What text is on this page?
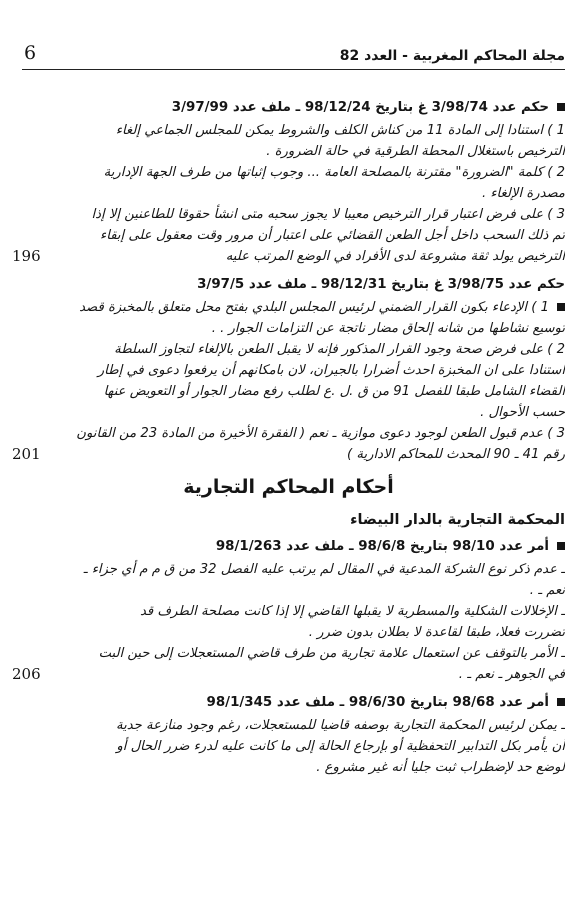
6	مجلة المحاكم المغربية - العدد 82
حكم عدد 3/98/74 غ بتاريخ 98/12/24 ـ ملف عدد 3/97/99
1 ) استنادا إلى المادة 11 من كناش الكلف والشروط يمكن للمجلس الجماعي إلغاء
الترخيص باستغلال المحطة الطرقية في حالة الضرورة .
2 ) كلمة "الضرورة" مقترنة بالمصلحة العامة ... وجوب إثباتها من طرف الجهة الإدارية
مصدرة الإلغاء .
3 ) على فرض اعتبار قرار الترخيص معيبا لا يجوز سحبه متى انشأ حقوقا للطاعنين إلا إذا
تم ذلك السحب داخل أجل الطعن القضائي على اعتبار أن مرور وقت معقول على إبقاء
الترخيص يولد ثقة مشروعة لدى الأفراد في الوضع المرتب عليه
196
حكم عدد 3/98/75 غ بتاريخ 98/12/31 ـ ملف عدد 3/97/5
1 ) الإدعاء بكون القرار الضمني لرئيس المجلس البلدي بفتح محل متعلق بالمخبزة قصد
توسيع نشاطها من شانه إلحاق مضار ناتجة عن التزامات الجوار . .
2 ) على فرض صحة وجود القرار المذكور فإنه لا يقبل الطعن بالإلغاء لتجاوز السلطة
استنادا على ان المخبزة احدث أضرارا بالجيران، لان بامكانهم أن يرفعوا دعوى في إطار
القضاء الشامل طبقا للفصل 91 من ق .ل .ع لطلب رفع مضار الجوار أو التعويض عنها
حسب الأحوال .
3 ) عدم قبول الطعن لوجود دعوى موازية ـ نعم ( الفقرة الأخيرة من المادة 23 من القانون
رقم 41 ـ 90 المحدث للمحاكم الادارية )
201
أحكام المحاكم التجارية
المحكمة التجارية بالدار البيضاء
أمر عدد 98/10 بتاريخ 98/6/8 ـ ملف عدد 98/1/263
ـ عدم ذكر نوع الشركة المدعية في المقال لم يرتب عليه الفصل 32 من ق م م أي جزاء ـ
نعم ـ .
ـ الإخلالات الشكلية والمسطرية لا يقبلها القاضي إلا إذا كانت مصلحة الطرف قد
تضررت فعلا، طبقا لقاعدة لا بطلان بدون ضرر .
ـ الأمر بالتوقف عن استعمال علامة تجارية من طرف قاضي المستعجلات إلى حين البت
في الجوهر ـ نعم ـ .
206
أمر عدد 98/68 بتاريخ 98/6/30 ـ ملف عدد 98/1/345
ـ يمكن لرئيس المحكمة التجارية بوصفه قاضيا للمستعجلات، رغم وجود منازعة جدية
أن يأمر بكل التدابير التحفظية أو بإرجاع الحالة إلى ما كانت عليه لدرء ضرر الحال أو
لوضع حد لإضطراب ثبت جليا أنه غير مشروع .
